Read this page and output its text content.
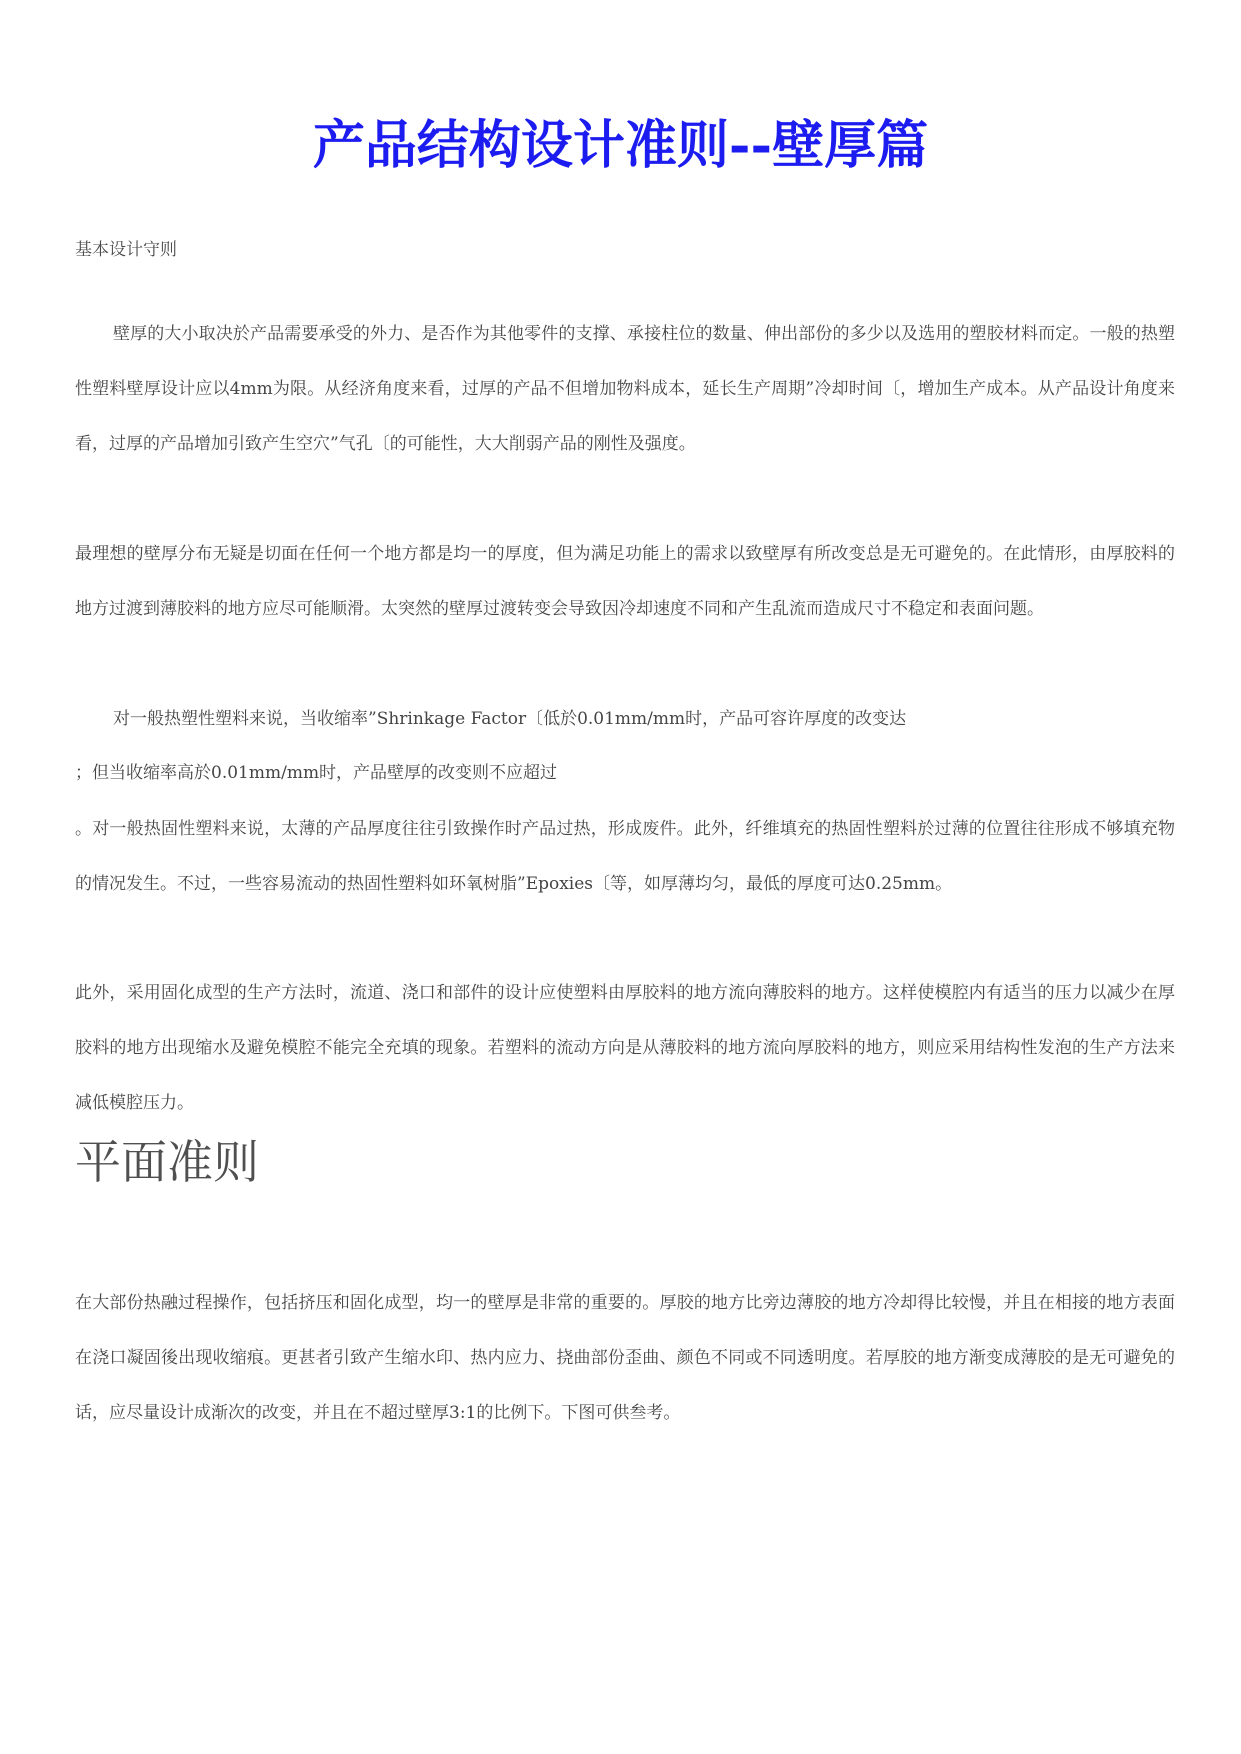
产品结构设计准则--壁厚篇

基本设计守则

壁厚的大小取决於产品需要承受的外力、是否作为其他零件的支撑、承接柱位的数量、伸出部份的多少以及选用的塑胶材料而定。一般的热塑性塑料壁厚设计应以4mm为限。从经济角度来看，过厚的产品不但增加物料成本，延长生产周期”冷却时间〔，增加生产成本。从产品设计角度来看，过厚的产品增加引致产生空穴”气孔〔的可能性，大大削弱产品的刚性及强度。

最理想的壁厚分布无疑是切面在任何一个地方都是均一的厚度，但为满足功能上的需求以致壁厚有所改变总是无可避免的。在此情形，由厚胶料的地方过渡到薄胶料的地方应尽可能顺滑。太突然的壁厚过渡转变会导致因冷却速度不同和产生乱流而造成尺寸不稳定和表面问题。

对一般热塑性塑料来说，当收缩率”Shrinkage Factor〔低於0.01mm/mm时，产品可容许厚度的改变达

；但当收缩率高於0.01mm/mm时，产品壁厚的改变则不应超过

。对一般热固性塑料来说，太薄的产品厚度往往引致操作时产品过热，形成废件。此外，纤维填充的热固性塑料於过薄的位置往往形成不够填充物的情况发生。不过，一些容易流动的热固性塑料如环氧树脂”Epoxies〔等，如厚薄均匀，最低的厚度可达0.25mm。

此外，采用固化成型的生产方法时，流道、浇口和部件的设计应使塑料由厚胶料的地方流向薄胶料的地方。这样使模腔内有适当的压力以减少在厚胶料的地方出现缩水及避免模腔不能完全充填的现象。若塑料的流动方向是从薄胶料的地方流向厚胶料的地方，则应采用结构性发泡的生产方法来减低模腔压力。

平面准则

在大部份热融过程操作，包括挤压和固化成型，均一的壁厚是非常的重要的。厚胶的地方比旁边薄胶的地方冷却得比较慢，并且在相接的地方表面在浇口凝固後出现收缩痕。更甚者引致产生缩水印、热内应力、挠曲部份歪曲、颜色不同或不同透明度。若厚胶的地方渐变成薄胶的是无可避免的话，应尽量设计成渐次的改变，并且在不超过壁厚3:1的比例下。下图可供叁考。
